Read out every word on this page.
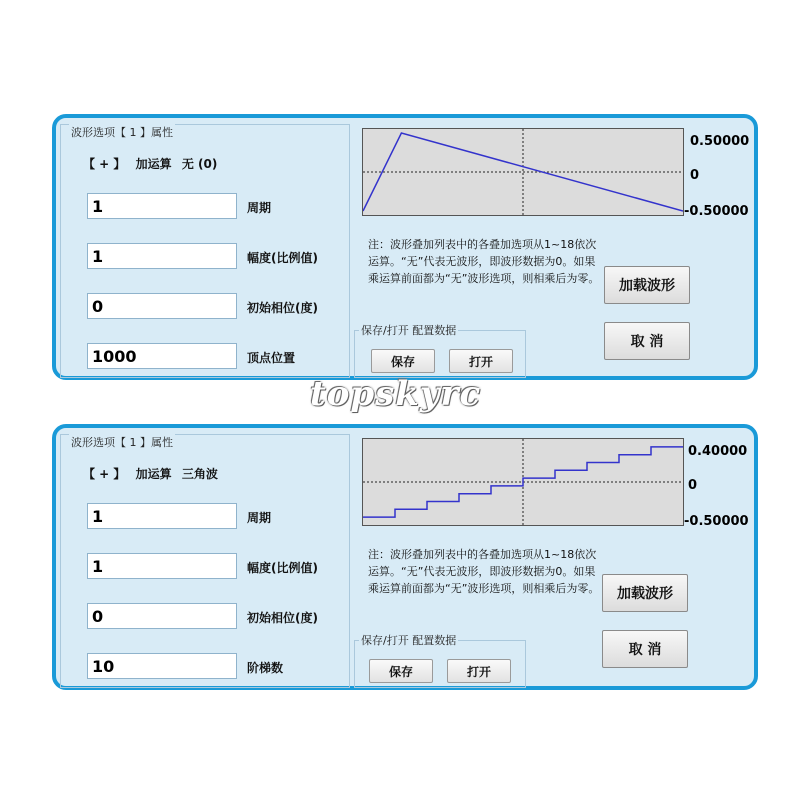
波形选项【 1 】属性
【 + 】 加运算 无 (0)
1
周期
1
幅度(比例值)
0
初始相位(度)
1000
顶点位置
0.50000
0
-0.50000
注：波形叠加列表中的各叠加选项从1~18依次运算。“无”代表无波形，即波形数据为0。如果乘运算前面都为“无”波形选项，则相乘后为零。	加载波形
取 消
保存/打开 配置数据
保存	打开
topskyrc
波形选项【 1 】属性
【 + 】 加运算 三角波
1
周期
1
幅度(比例值)
0
初始相位(度)
10
阶梯数
0.40000
0
-0.50000
注：波形叠加列表中的各叠加选项从1~18依次运算。“无”代表无波形，即波形数据为0。如果乘运算前面都为“无”波形选项，则相乘后为零。	加载波形
取 消
保存/打开 配置数据
保存	打开
